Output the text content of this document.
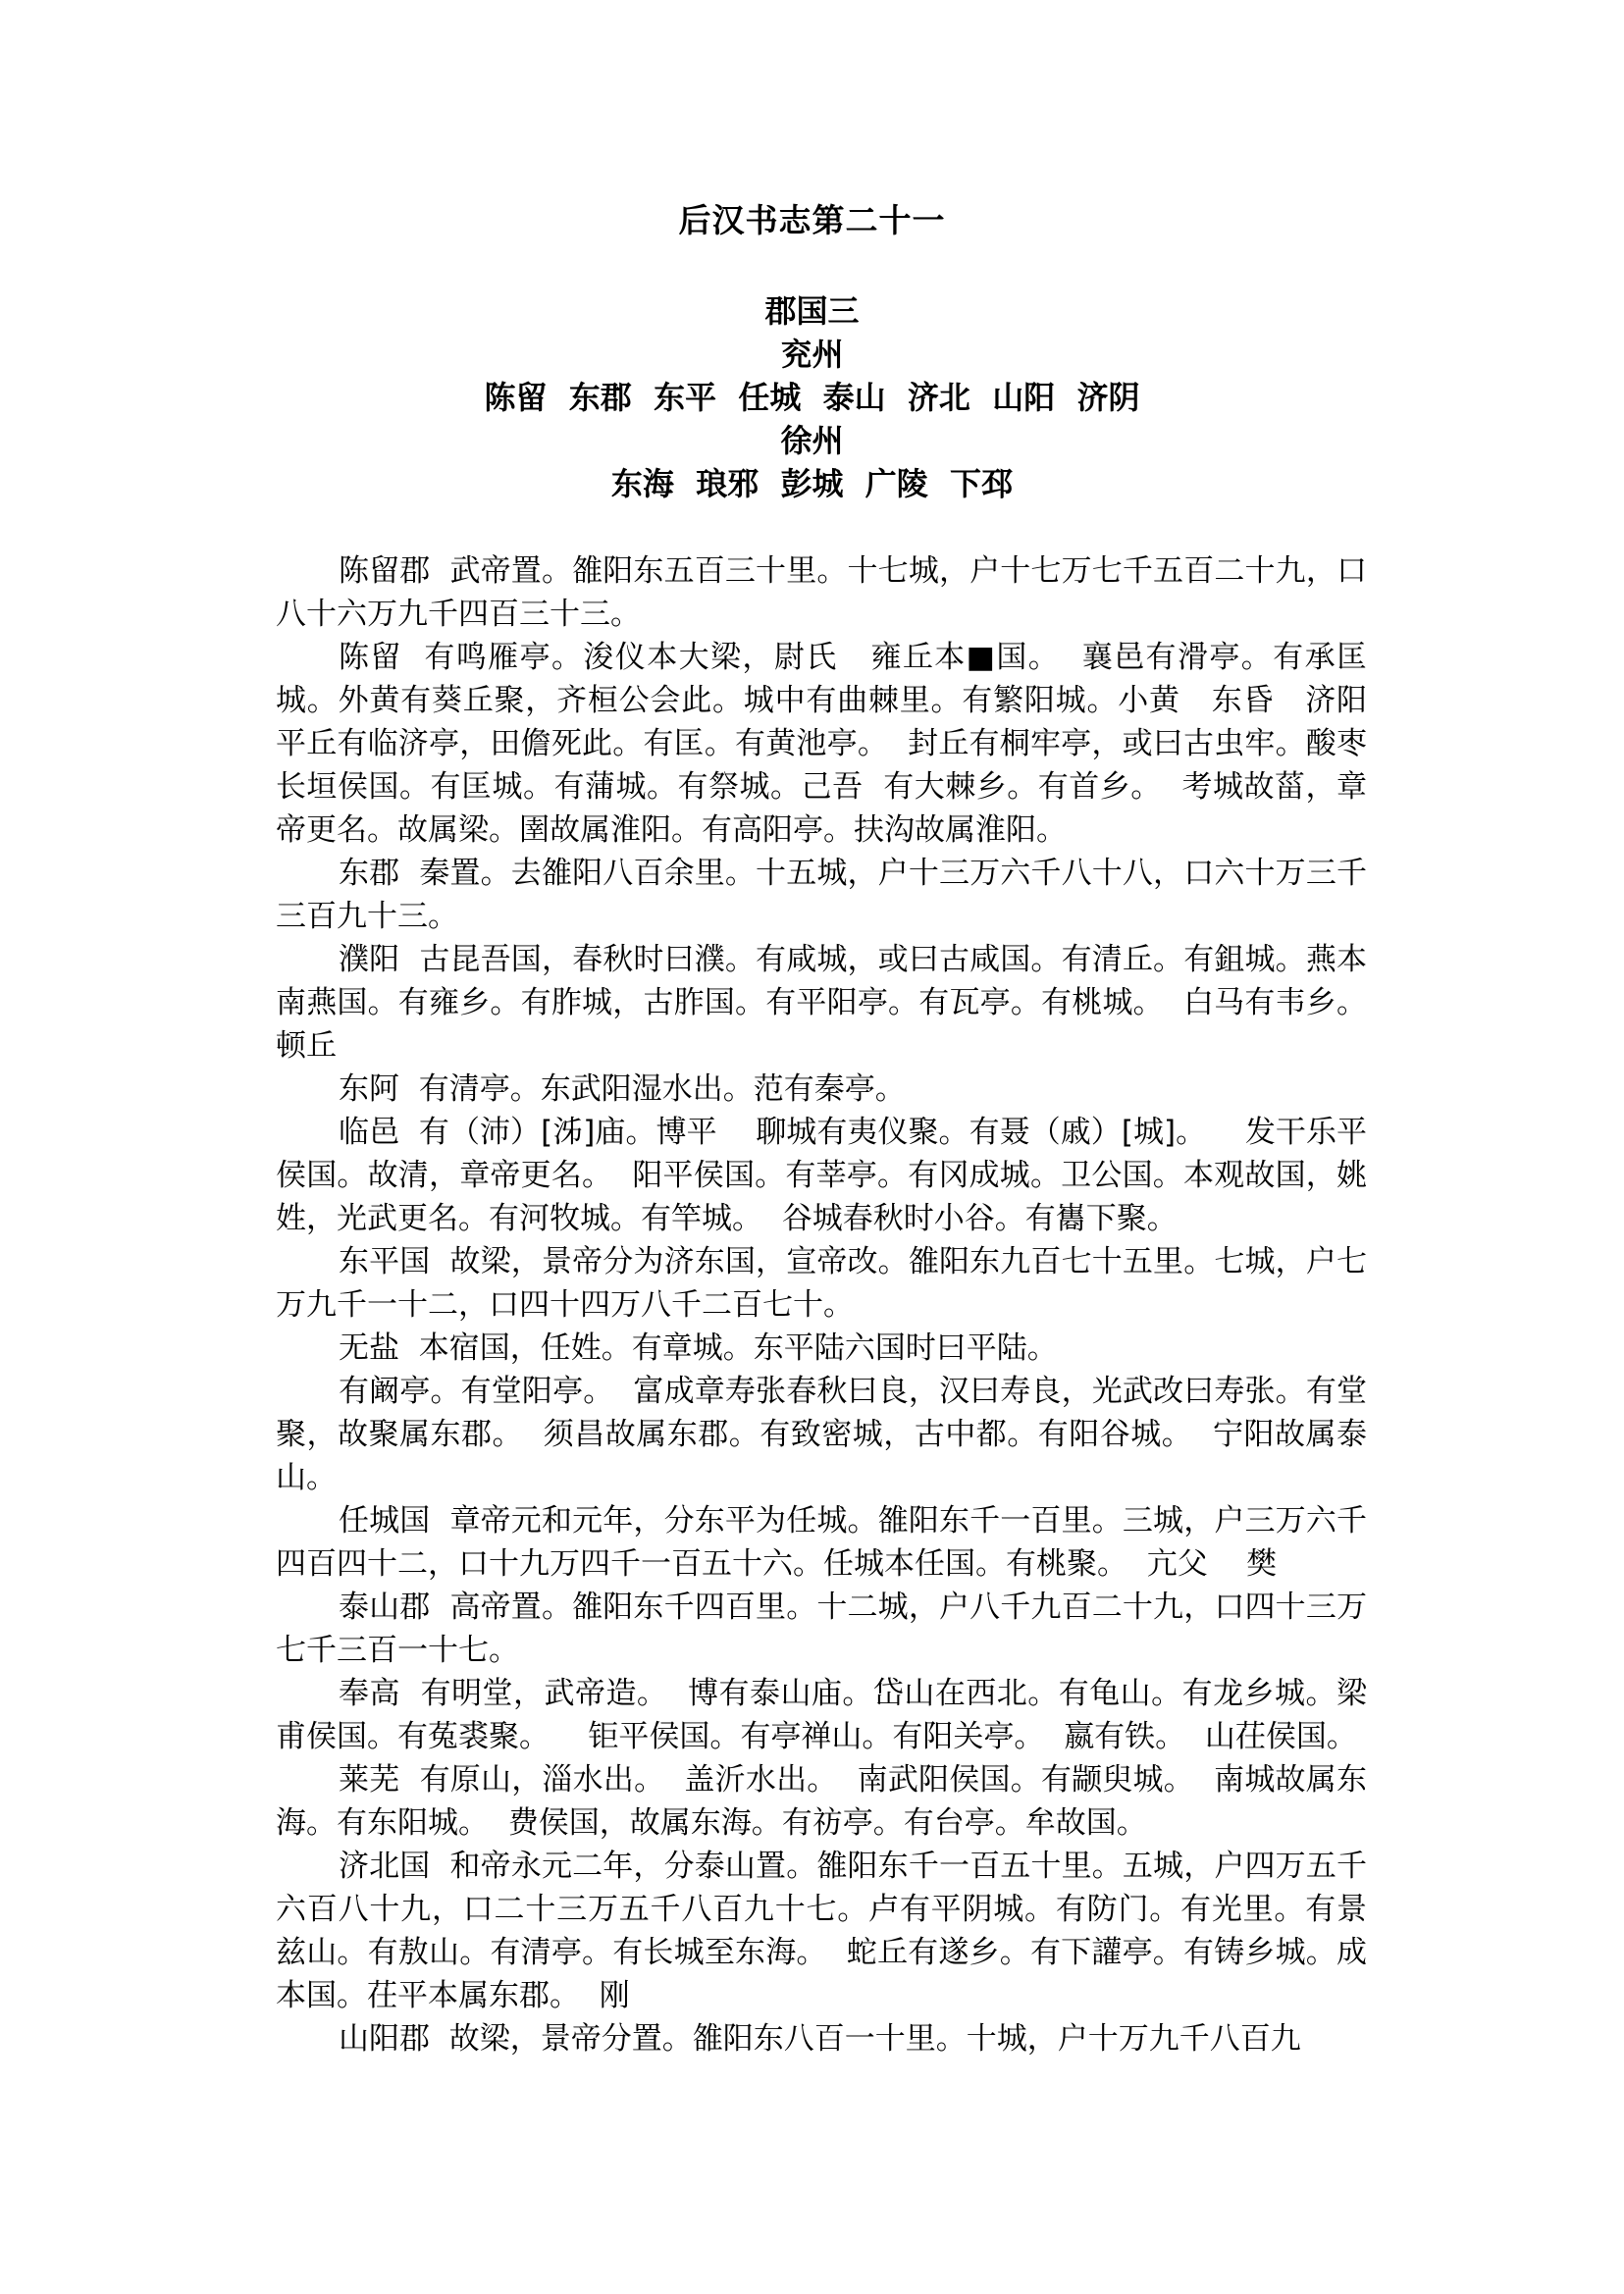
后汉书志第二十一
郡国三
兖州
陈留  东郡  东平  任城  泰山  济北  山阳  济阴
徐州
东海  琅邪  彭城  广陵  下邳

陈留郡  武帝置。雒阳东五百三十里。十七城，户十七万七千五百二十九，口八十六万九千四百三十三。

陈留  有鸣雁亭。浚仪本大梁，尉氏   雍丘本■国。  襄邑有滑亭。有承匡城。外黄有葵丘聚，齐桓公会此。城中有曲棘里。有繁阳城。小黄   东昏   济阳   平丘有临济亭，田儋死此。有匡。有黄池亭。  封丘有桐牢亭，或曰古虫牢。酸枣长垣侯国。有匡城。有蒲城。有祭城。己吾  有大棘乡。有首乡。  考城故菑，章帝更名。故属梁。圉故属淮阳。有高阳亭。扶沟故属淮阳。

东郡  秦置。去雒阳八百余里。十五城，户十三万六千八十八，口六十万三千三百九十三。

濮阳  古昆吾国，春秋时曰濮。有咸城，或曰古咸国。有清丘。有鉏城。燕本南燕国。有雍乡。有胙城，古胙国。有平阳亭。有瓦亭。有桃城。  白马有韦乡。     顿丘

东阿  有清亭。东武阳湿水出。范有秦亭。

临邑  有（沛）[泲]庙。博平    聊城有夷仪聚。有聂（戚）[城]。    发干乐平侯国。故清，章帝更名。  阳平侯国。有莘亭。有冈成城。卫公国。本观故国，姚姓，光武更名。有河牧城。有竿城。  谷城春秋时小谷。有巂下聚。

东平国  故梁，景帝分为济东国，宣帝改。雒阳东九百七十五里。七城，户七万九千一十二，口四十四万八千二百七十。

无盐  本宿国，任姓。有章城。东平陆六国时曰平陆。

有阚亭。有堂阳亭。  富成章寿张春秋曰良，汉曰寿良，光武改曰寿张。有堂聚，故聚属东郡。  须昌故属东郡。有致密城，古中都。有阳谷城。  宁阳故属泰山。

任城国  章帝元和元年，分东平为任城。雒阳东千一百里。三城，户三万六千四百四十二，口十九万四千一百五十六。任城本任国。有桃聚。  亢父    樊

泰山郡  高帝置。雒阳东千四百里。十二城，户八千九百二十九，口四十三万七千三百一十七。

奉高  有明堂，武帝造。  博有泰山庙。岱山在西北。有龟山。有龙乡城。梁甫侯国。有菟裘聚。    钜平侯国。有亭禅山。有阳关亭。  嬴有铁。  山茌侯国。

莱芜  有原山，淄水出。  盖沂水出。  南武阳侯国。有颛臾城。  南城故属东海。有东阳城。  费侯国，故属东海。有祊亭。有台亭。牟故国。

济北国  和帝永元二年，分泰山置。雒阳东千一百五十里。五城，户四万五千六百八十九，口二十三万五千八百九十七。卢有平阴城。有防门。有光里。有景兹山。有敖山。有清亭。有长城至东海。  蛇丘有遂乡。有下讙亭。有铸乡城。成本国。茌平本属东郡。  刚

山阳郡  故梁，景帝分置。雒阳东八百一十里。十城，户十万九千八百九
